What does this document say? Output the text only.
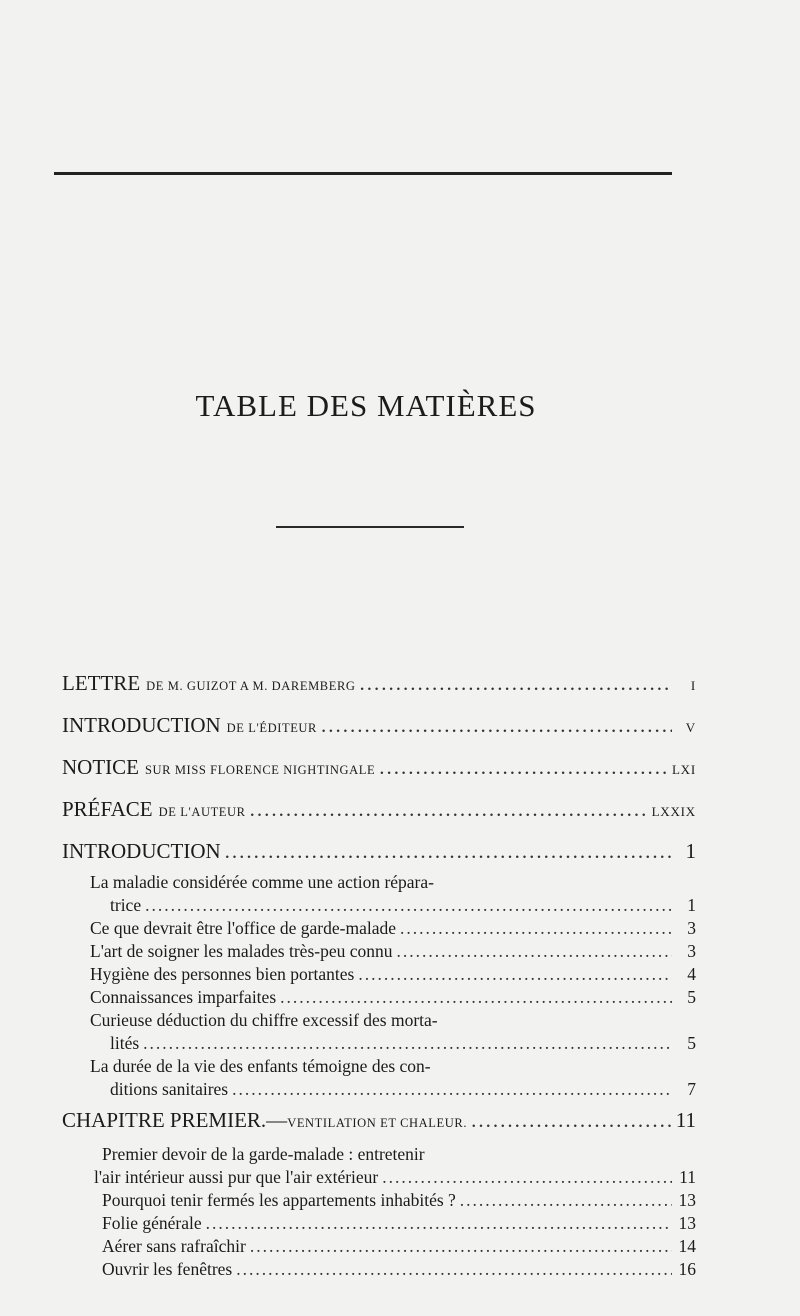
TABLE DES MATIÈRES
LETTRE DE M. GUIZOT A M. DAREMBERG .....	I
INTRODUCTION DE L'ÉDITEUR .....	V
NOTICE SUR MISS FLORENCE NIGHTINGALE .....	LXI
PRÉFACE DE L'AUTEUR .....	LXXIX
INTRODUCTION .....	1
La maladie considérée comme une action répara-
trice .....	1
Ce que devrait être l'office de garde-malade .....	3
L'art de soigner les malades très-peu connu .....	3
Hygiène des personnes bien portantes .....	4
Connaissances imparfaites .....	5
Curieuse déduction du chiffre excessif des morta-
lités .....	5
La durée de la vie des enfants témoigne des con-
ditions sanitaires .....	7
CHAPITRE PREMIER.— VENTILATION ET CHALEUR. .....	11
Premier devoir de la garde-malade : entretenir
l'air intérieur aussi pur que l'air extérieur .....	11
Pourquoi tenir fermés les appartements inhabités ? .....	13
Folie générale .....	13
Aérer sans rafraîchir .....	14
Ouvrir les fenêtres .....	16
